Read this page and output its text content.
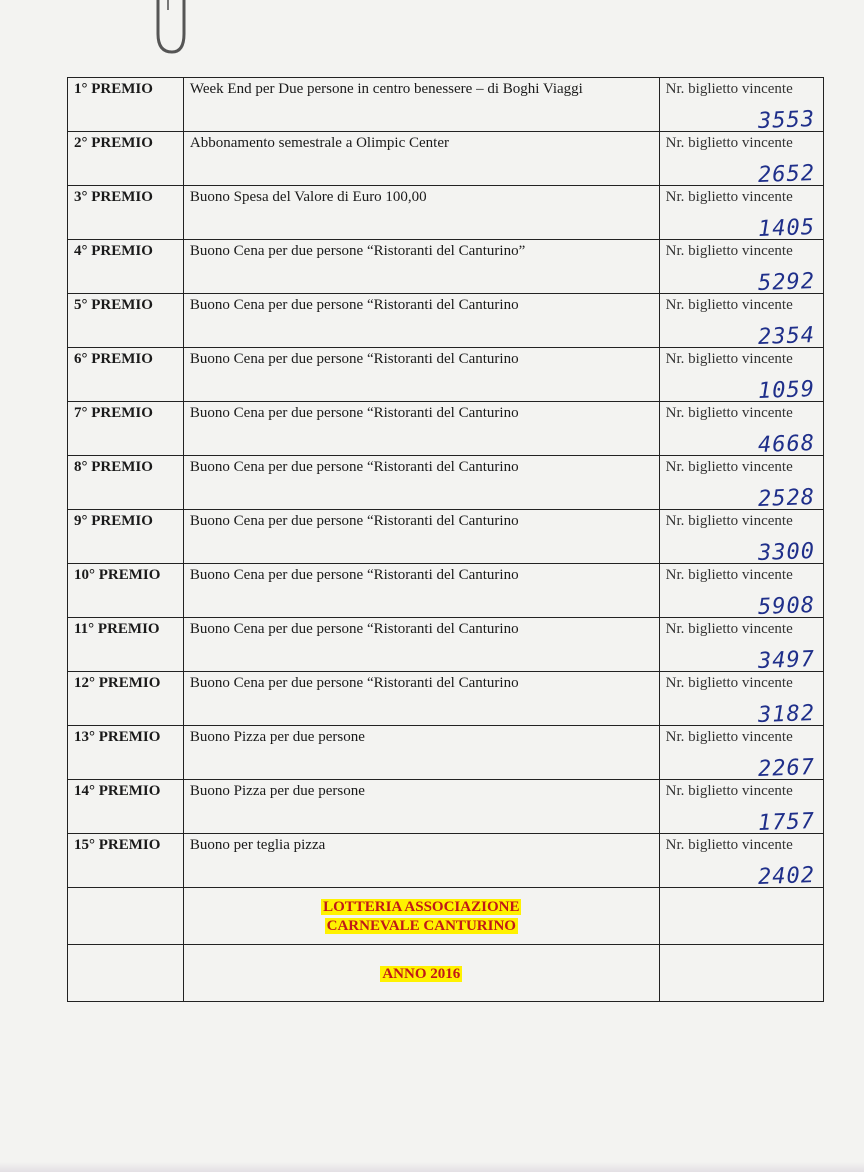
1° PREMIO	Week End per Due persone in centro benessere – di Boghi Viaggi	Nr. biglietto vincente
3553

2° PREMIO	Abbonamento semestrale a Olimpic Center	Nr. biglietto vincente
2652

3° PREMIO	Buono Spesa del Valore di Euro 100,00	Nr. biglietto vincente
1405

4° PREMIO	Buono Cena per due persone “Ristoranti del Canturino”	Nr. biglietto vincente
5292

5° PREMIO	Buono Cena per due persone “Ristoranti del Canturino	Nr. biglietto vincente
2354

6° PREMIO	Buono Cena per due persone “Ristoranti del Canturino	Nr. biglietto vincente
1059

7° PREMIO	Buono Cena per due persone “Ristoranti del Canturino	Nr. biglietto vincente
4668

8° PREMIO	Buono Cena per due persone “Ristoranti del Canturino	Nr. biglietto vincente
2528

9° PREMIO	Buono Cena per due persone “Ristoranti del Canturino	Nr. biglietto vincente
3300

10° PREMIO	Buono Cena per due persone “Ristoranti del Canturino	Nr. biglietto vincente
5908

11° PREMIO	Buono Cena per due persone “Ristoranti del Canturino	Nr. biglietto vincente
3497

12° PREMIO	Buono Cena per due persone “Ristoranti del Canturino	Nr. biglietto vincente
3182

13° PREMIO	Buono Pizza per due persone	Nr. biglietto vincente
2267

14° PREMIO	Buono Pizza per due persone	Nr. biglietto vincente
1757

15° PREMIO	Buono per teglia pizza	Nr. biglietto vincente
2402

	LOTTERIA ASSOCIAZIONE
CARNEVALE CANTURINO	
	ANNO 2016	
